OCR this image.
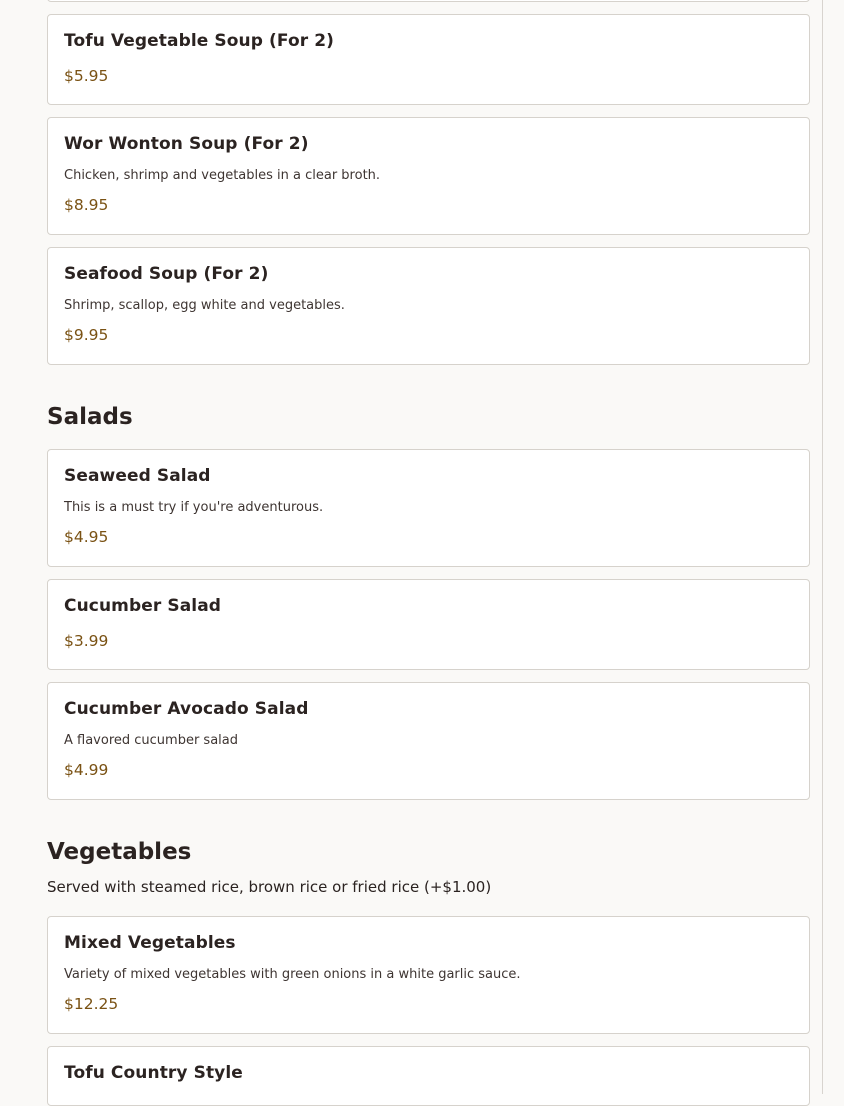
Tofu Vegetable Soup (For 2)
$5.95
Wor Wonton Soup (For 2)
Chicken, shrimp and vegetables in a clear broth.
$8.95
Seafood Soup (For 2)
Shrimp, scallop, egg white and vegetables.
$9.95
Salads
Seaweed Salad
This is a must try if you're adventurous.
$4.95
Cucumber Salad
$3.99
Cucumber Avocado Salad
A flavored cucumber salad
$4.99
Vegetables
Served with steamed rice, brown rice or fried rice (+$1.00)
Mixed Vegetables
Variety of mixed vegetables with green onions in a white garlic sauce.
$12.25
Tofu Country Style
